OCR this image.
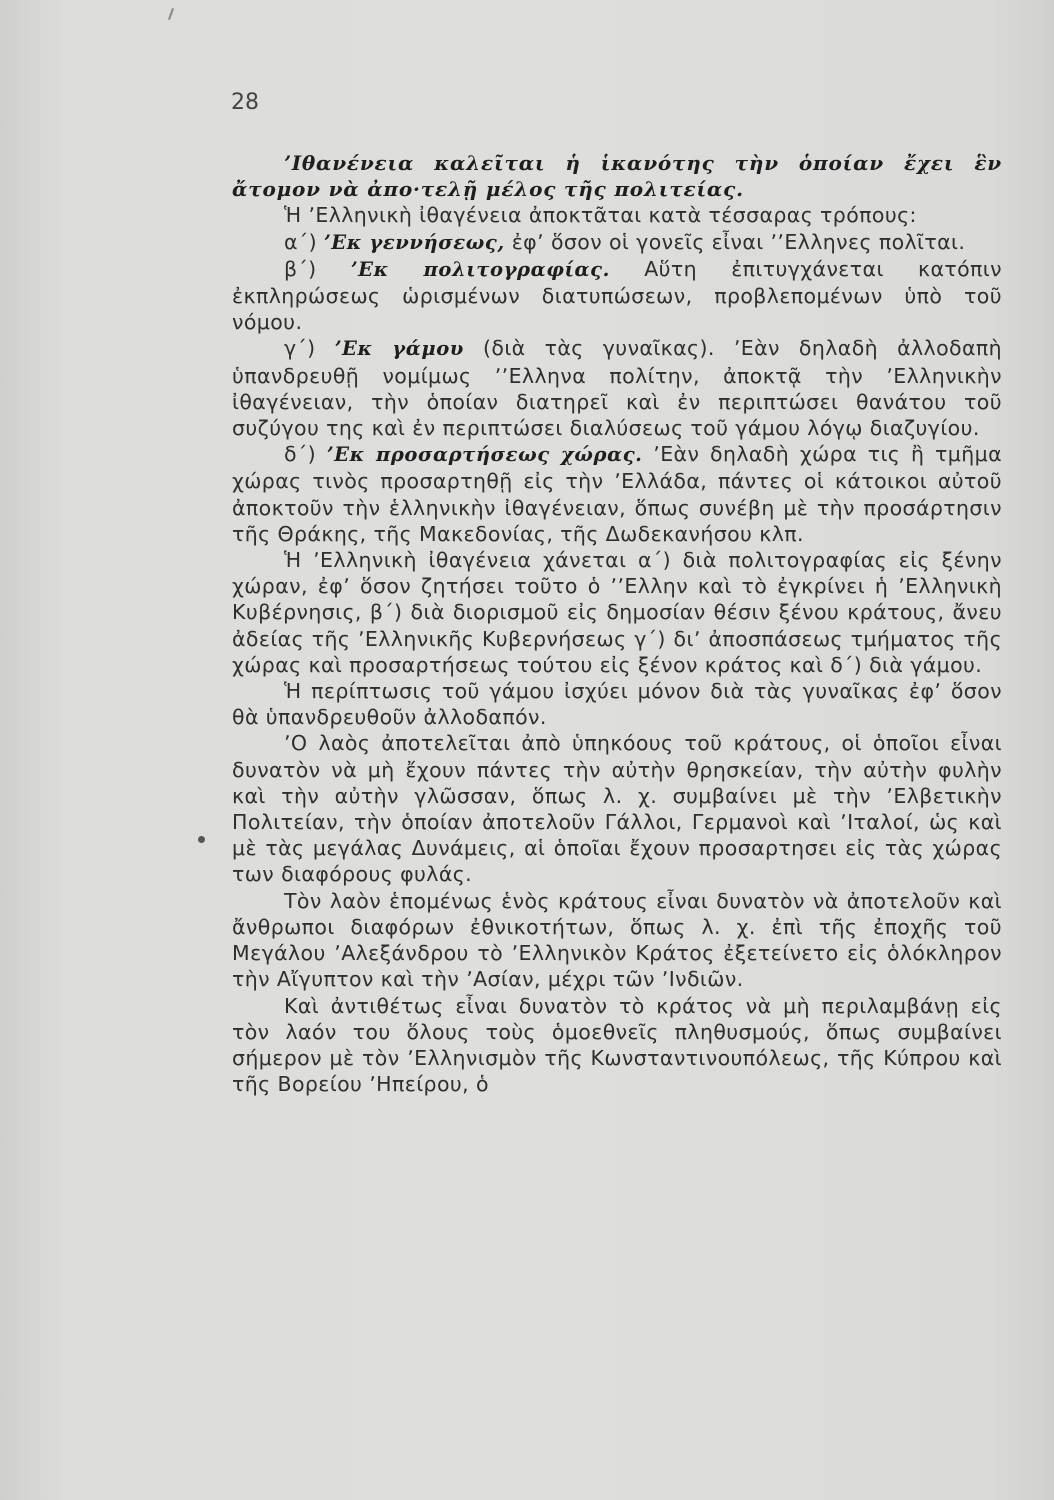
28

ʼΙθανένεια καλεῖται ἡ ἱκανότης τὴν ὁποίαν ἔχει ἓν ἄτομον νὰ ἀπο·τελῇ μέλος τῆς πολιτείας.

Ἡ ʼΕλληνικὴ ἰθαγένεια ἀποκτᾶται κατὰ τέσσαρας τρόπους:

α΄) ʼΕκ γεννήσεως, ἐφʼ ὅσον οἱ γονεῖς εἶναι ʼʼΕλληνες πολῖται.

β΄) ʼΕκ πολιτογραφίας. Αὕτη ἐπιτυγχάνεται κατόπιν ἐκπληρώσεως ὡρισμένων διατυπώσεων, προβλεπομένων ὑπὸ τοῦ νόμου.

γ΄) ʼΕκ γάμου (διὰ τὰς γυναῖκας). ʼΕὰν δηλαδὴ ἀλλοδαπὴ ὑπανδρευθῇ νομίμως ʼʼΕλληνα πολίτην, ἀποκτᾷ τὴν ʼΕλληνικὴν ἰθαγένειαν, τὴν ὁποίαν διατηρεῖ καὶ ἐν περιπτώσει θανάτου τοῦ συζύγου της καὶ ἐν περιπτώσει διαλύσεως τοῦ γάμου λόγῳ διαζυγίου.

δ΄) ʼΕκ προσαρτήσεως χώρας. ʼΕὰν δηλαδὴ χώρα τις ἢ τμῆμα χώρας τινὸς προσαρτηθῇ εἰς τὴν ʼΕλλάδα, πάντες οἱ κάτοικοι αὐτοῦ ἀποκτοῦν τὴν ἑλληνικὴν ἰθαγένειαν, ὅπως συνέβη μὲ τὴν προσάρτησιν τῆς Θράκης, τῆς Μακεδονίας, τῆς Δωδεκανήσου κλπ.

Ἡ ʼΕλληνικὴ ἰθαγένεια χάνεται α΄) διὰ πολιτογραφίας εἰς ξένην χώραν, ἐφʼ ὅσον ζητήσει τοῦτο ὁ ʼʼΕλλην καὶ τὸ ἐγκρίνει ἡ ʼΕλληνικὴ Κυβέρνησις, β΄) διὰ διορισμοῦ εἰς δημοσίαν θέσιν ξένου κράτους, ἄνευ ἀδείας τῆς ʼΕλληνικῆς Κυβερνήσεως γ΄) διʼ ἀποσπάσεως τμήματος τῆς χώρας καὶ προσαρτήσεως τούτου εἰς ξένον κράτος καὶ δ΄) διὰ γάμου.

Ἡ περίπτωσις τοῦ γάμου ἰσχύει μόνον διὰ τὰς γυναῖκας ἐφʼ ὅσον θὰ ὑπανδρευθοῦν ἀλλοδαπόν.

ʼΟ λαὸς ἀποτελεῖται ἀπὸ ὑπηκόους τοῦ κράτους, οἱ ὁποῖοι εἶναι δυνατὸν νὰ μὴ ἔχουν πάντες τὴν αὐτὴν θρησκείαν, τὴν αὐτὴν φυλὴν καὶ τὴν αὐτὴν γλῶσσαν, ὅπως λ. χ. συμβαίνει μὲ τὴν ʼΕλβετικὴν Πολιτείαν, τὴν ὁποίαν ἀποτελοῦν Γάλλοι, Γερμανοὶ καὶ ʼΙταλοί, ὡς καὶ μὲ τὰς μεγάλας Δυνάμεις, αἱ ὁποῖαι ἔχουν προσαρτησει εἰς τὰς χώρας των διαφόρους φυλάς.

Τὸν λαὸν ἑπομένως ἑνὸς κράτους εἶναι δυνατὸν νὰ ἀποτελοῦν καὶ ἄνθρωποι διαφόρων ἐθνικοτήτων, ὅπως λ. χ. ἐπὶ τῆς ἐποχῆς τοῦ Μεγάλου ʼΑλεξάνδρου τὸ ʼΕλληνικὸν Κράτος ἐξετείνετο εἰς ὁλόκληρον τὴν Αἴγυπτον καὶ τὴν ʼΑσίαν, μέχρι τῶν ʼΙνδιῶν.

Καὶ ἀντιθέτως εἶναι δυνατὸν τὸ κράτος νὰ μὴ περιλαμβάνῃ εἰς τὸν λαόν του ὅλους τοὺς ὁμοεθνεῖς πληθυσμούς, ὅπως συμβαίνει σήμερον μὲ τὸν ʼΕλληνισμὸν τῆς Κωνσταντινουπόλεως, τῆς Κύπρου καὶ τῆς Βορείου ʼΗπείρου, ὁ
